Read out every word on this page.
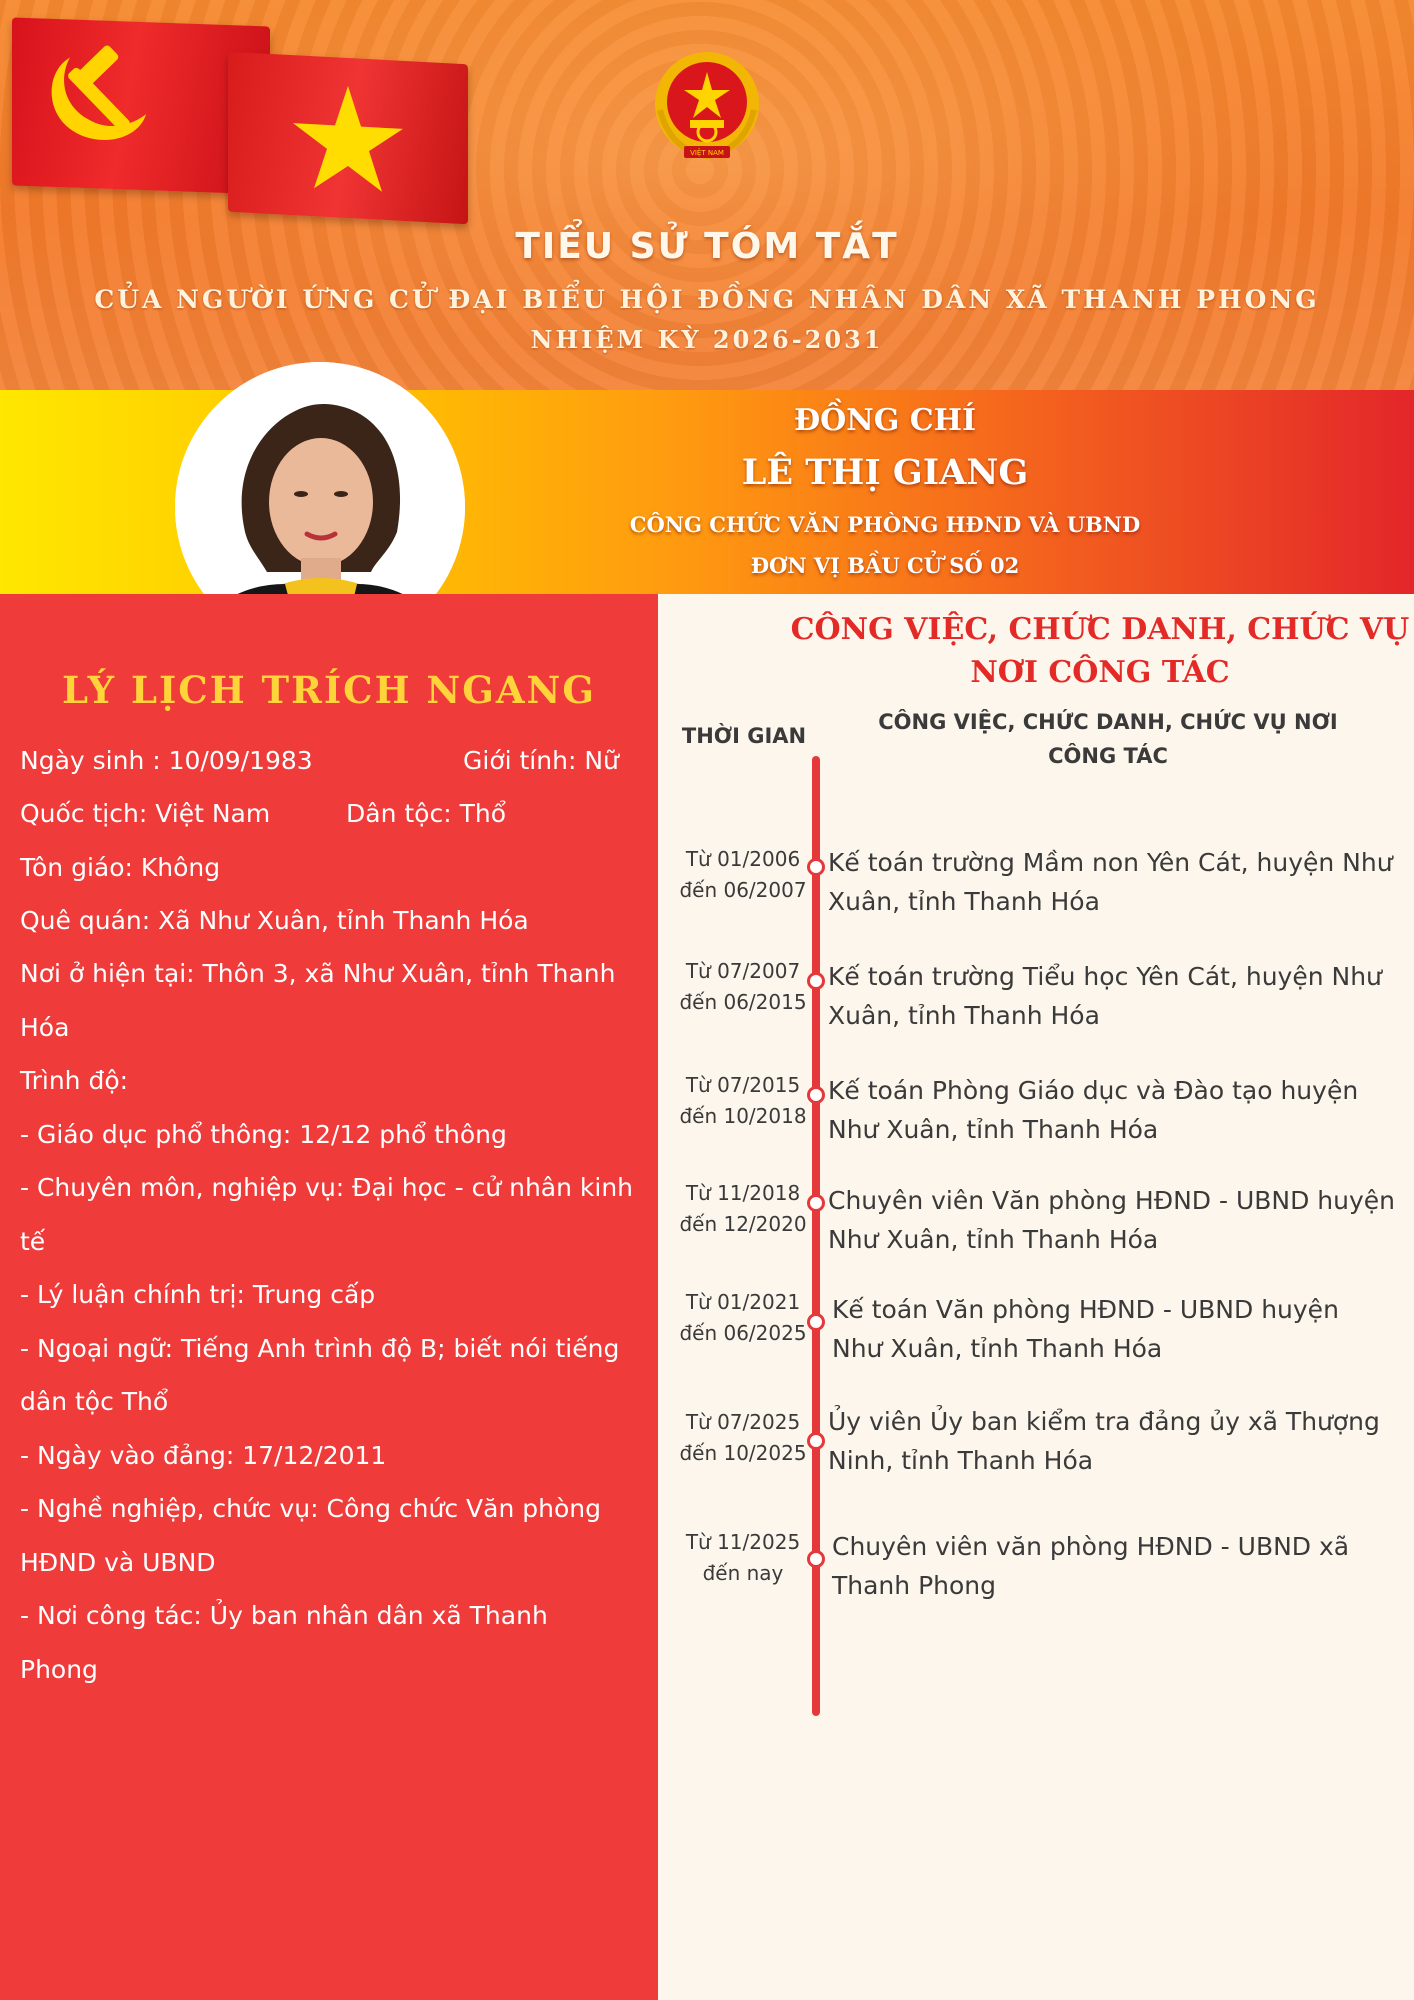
VIỆT NAM
TIỂU SỬ TÓM TẮT
CỦA NGƯỜI ỨNG CỬ ĐẠI BIỂU HỘI ĐỒNG NHÂN DÂN XÃ THANH PHONG
NHIỆM KỲ 2026-2031
ĐỒNG CHÍ
LÊ THỊ GIANG
CÔNG CHỨC VĂN PHÒNG HĐND VÀ UBND
ĐƠN VỊ BẦU CỬ SỐ 02
LÝ LỊCH TRÍCH NGANG
Ngày sinh : 10/09/1983	Giới tính: Nữ
Quốc tịch: Việt Nam	Dân tộc: Thổ
Tôn giáo: Không
Quê quán: Xã Như Xuân, tỉnh Thanh Hóa
Nơi ở hiện tại: Thôn 3, xã Như Xuân, tỉnh Thanh
Hóa
Trình độ:
- Giáo dục phổ thông: 12/12 phổ thông
- Chuyên môn, nghiệp vụ: Đại học - cử nhân kinh
tế
- Lý luận chính trị: Trung cấp
- Ngoại ngữ: Tiếng Anh trình độ B; biết nói tiếng
dân tộc Thổ
- Ngày vào đảng: 17/12/2011
- Nghề nghiệp, chức vụ: Công chức Văn phòng
HĐND và UBND
- Nơi công tác: Ủy ban nhân dân xã Thanh
Phong
CÔNG VIỆC, CHỨC DANH, CHỨC VỤ
NƠI CÔNG TÁC
THỜI GIAN
CÔNG VIỆC, CHỨC DANH, CHỨC VỤ NƠI
CÔNG TÁC
Từ 01/2006
đến 06/2007
Kế toán trường Mầm non Yên Cát, huyện Như
Xuân, tỉnh Thanh Hóa
Từ 07/2007
đến 06/2015
Kế toán trường Tiểu học Yên Cát, huyện Như
Xuân, tỉnh Thanh Hóa
Từ 07/2015
đến 10/2018
Kế toán Phòng Giáo dục và Đào tạo huyện
Như Xuân, tỉnh Thanh Hóa
Từ 11/2018
đến 12/2020
Chuyên viên Văn phòng HĐND - UBND huyện
Như Xuân, tỉnh Thanh Hóa
Từ 01/2021
đến 06/2025
Kế toán Văn phòng HĐND - UBND huyện
Như Xuân, tỉnh Thanh Hóa
Từ 07/2025
đến 10/2025
Ủy viên Ủy ban kiểm tra đảng ủy xã Thượng
Ninh, tỉnh Thanh Hóa
Từ 11/2025
đến nay
Chuyên viên văn phòng HĐND - UBND xã
Thanh Phong
